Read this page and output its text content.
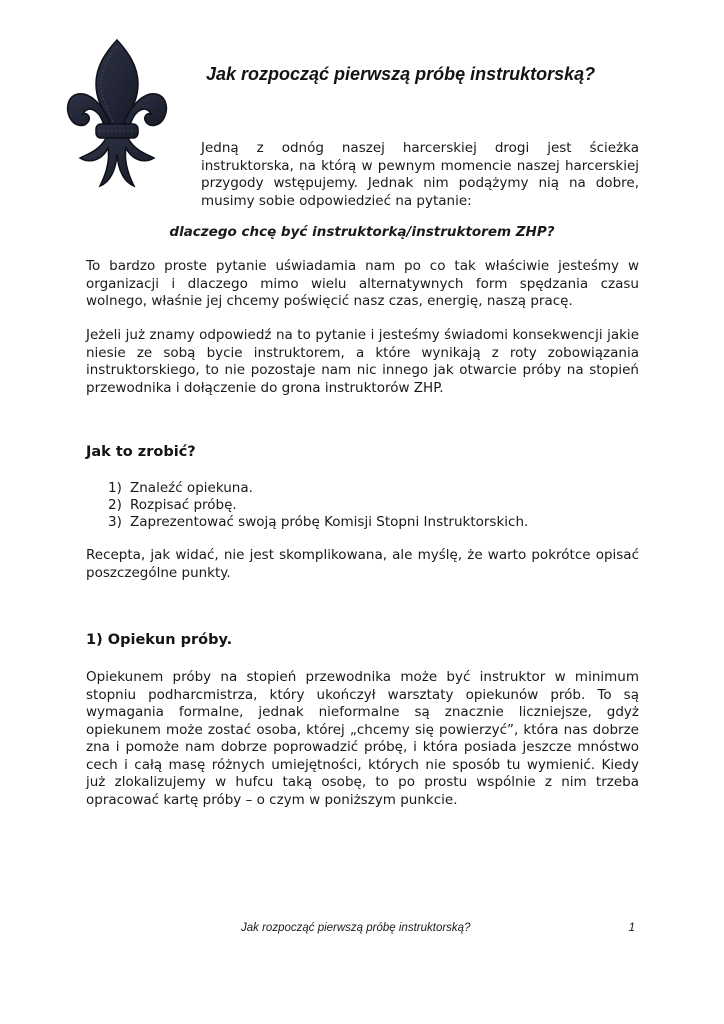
Jak rozpocząć pierwszą próbę instruktorską?

Jedną z odnóg naszej harcerskiej drogi jest ścieżka instruktorska, na którą w pewnym momencie naszej harcerskiej przygody wstępujemy. Jednak nim podążymy nią na dobre, musimy sobie odpowiedzieć na pytanie:

dlaczego chcę być instruktorką/instruktorem ZHP?

To bardzo proste pytanie uświadamia nam po co tak właściwie jesteśmy w organizacji i dlaczego mimo wielu alternatywnych form spędzania czasu wolnego, właśnie jej chcemy poświęcić nasz czas, energię, naszą pracę.

Jeżeli już znamy odpowiedź na to pytanie i jesteśmy świadomi konsekwencji jakie niesie ze sobą bycie instruktorem, a które wynikają z roty zobowiązania instruktorskiego, to nie pozostaje nam nic innego jak otwarcie próby na stopień przewodnika i dołączenie do grona instruktorów ZHP.

Jak to zrobić?
1) Znaleźć opiekuna.
2) Rozpisać próbę.
3) Zaprezentować swoją próbę Komisji Stopni Instruktorskich.

Recepta, jak widać, nie jest skomplikowana, ale myślę, że warto pokrótce opisać poszczególne punkty.

1) Opiekun próby.

Opiekunem próby na stopień przewodnika może być instruktor w minimum stopniu podharcmistrza, który ukończył warsztaty opiekunów prób. To są wymagania formalne, jednak nieformalne są znacznie liczniejsze, gdyż opiekunem może zostać osoba, której „chcemy się powierzyć”, która nas dobrze zna i pomoże nam dobrze poprowadzić próbę, i która posiada jeszcze mnóstwo cech i całą masę różnych umiejętności, których nie sposób tu wymienić. Kiedy już zlokalizujemy w hufcu taką osobę, to po prostu wspólnie z nim trzeba opracować kartę próby – o czym w poniższym punkcie.

Jak rozpocząć pierwszą próbę instruktorską?	1
